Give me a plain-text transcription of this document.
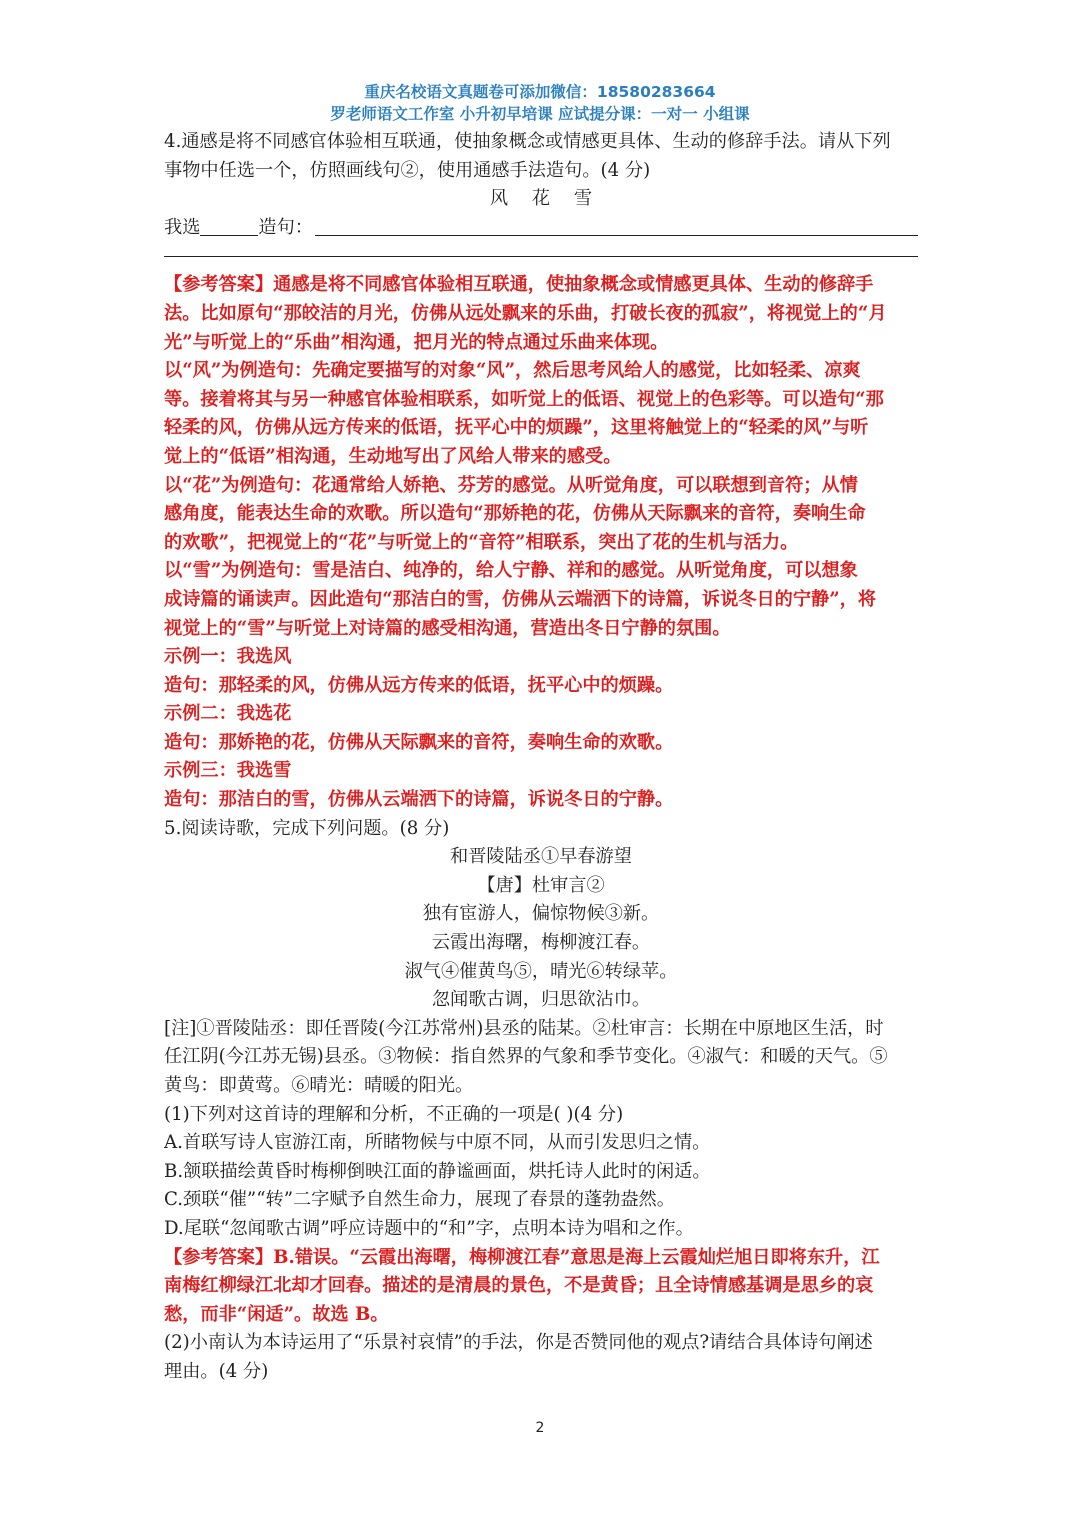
重庆名校语文真题卷可添加微信：18580283664
罗老师语文工作室 小升初早培课 应试提分课：一对一 小组课
4.通感是将不同感官体验相互联通，使抽象概念或情感更具体、生动的修辞手法。请从下列
事物中任选一个，仿照画线句②，使用通感手法造句。(4 分)
风 花 雪
我选	造句：
【参考答案】通感是将不同感官体验相互联通，使抽象概念或情感更具体、生动的修辞手
法。比如原句“那皎洁的月光，仿佛从远处飘来的乐曲，打破长夜的孤寂”，将视觉上的“月
光”与听觉上的“乐曲”相沟通，把月光的特点通过乐曲来体现。
以“风”为例造句：先确定要描写的对象“风”，然后思考风给人的感觉，比如轻柔、凉爽
等。接着将其与另一种感官体验相联系，如听觉上的低语、视觉上的色彩等。可以造句“那
轻柔的风，仿佛从远方传来的低语，抚平心中的烦躁”，这里将触觉上的“轻柔的风”与听
觉上的“低语”相沟通，生动地写出了风给人带来的感受。
以“花”为例造句：花通常给人娇艳、芬芳的感觉。从听觉角度，可以联想到音符；从情
感角度，能表达生命的欢歌。所以造句“那娇艳的花，仿佛从天际飘来的音符，奏响生命
的欢歌”，把视觉上的“花”与听觉上的“音符”相联系，突出了花的生机与活力。
以“雪”为例造句：雪是洁白、纯净的，给人宁静、祥和的感觉。从听觉角度，可以想象
成诗篇的诵读声。因此造句“那洁白的雪，仿佛从云端洒下的诗篇，诉说冬日的宁静”，将
视觉上的“雪”与听觉上对诗篇的感受相沟通，营造出冬日宁静的氛围。
示例一：我选风
造句：那轻柔的风，仿佛从远方传来的低语，抚平心中的烦躁。
示例二：我选花
造句：那娇艳的花，仿佛从天际飘来的音符，奏响生命的欢歌。
示例三：我选雪
造句：那洁白的雪，仿佛从云端洒下的诗篇，诉说冬日的宁静。
5.阅读诗歌，完成下列问题。(8 分)
和晋陵陆丞①早春游望
【唐】杜审言②
独有宦游人，偏惊物候③新。
云霞出海曙，梅柳渡江春。
淑气④催黄鸟⑤，晴光⑥转绿苹。
忽闻歌古调，归思欲沾巾。
[注]①晋陵陆丞：即任晋陵(今江苏常州)县丞的陆某。②杜审言：长期在中原地区生活，时
任江阴(今江苏无锡)县丞。③物候：指自然界的气象和季节变化。④淑气：和暖的天气。⑤
黄鸟：即黄莺。⑥晴光：晴暖的阳光。
(1)下列对这首诗的理解和分析，不正确的一项是( )(4 分)
A.首联写诗人宦游江南，所睹物候与中原不同，从而引发思归之情。
B.颔联描绘黄昏时梅柳倒映江面的静谧画面，烘托诗人此时的闲适。
C.颈联“催”“转”二字赋予自然生命力，展现了春景的蓬勃盎然。
D.尾联“忽闻歌古调”呼应诗题中的“和”字，点明本诗为唱和之作。
【参考答案】B.错误。“云霞出海曙，梅柳渡江春”意思是海上云霞灿烂旭日即将东升，江
南梅红柳绿江北却才回春。描述的是清晨的景色，不是黄昏；且全诗情感基调是思乡的哀
愁，而非“闲适”。故选 B。
(2)小南认为本诗运用了“乐景衬哀情”的手法，你是否赞同他的观点?请结合具体诗句阐述
理由。(4 分)
2
